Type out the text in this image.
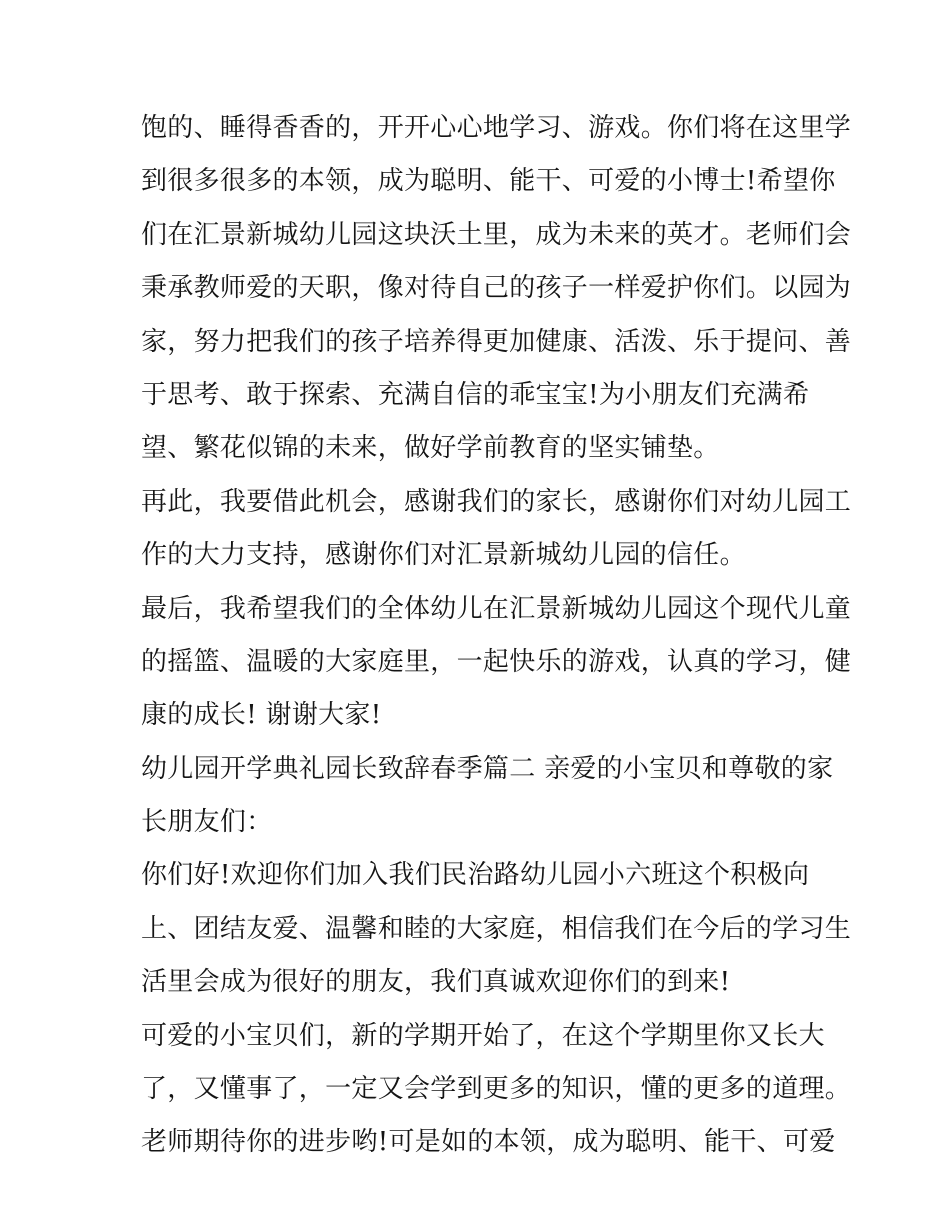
饱的、睡得香香的，开开心心地学习、游戏。你们将在这里学
到很多很多的本领，成为聪明、能干、可爱的小博士!希望你
们在汇景新城幼儿园这块沃土里，成为未来的英才。老师们会
秉承教师爱的天职，像对待自己的孩子一样爱护你们。以园为
家，努力把我们的孩子培养得更加健康、活泼、乐于提问、善
于思考、敢于探索、充满自信的乖宝宝!为小朋友们充满希
望、繁花似锦的未来，做好学前教育的坚实铺垫。
再此，我要借此机会，感谢我们的家长，感谢你们对幼儿园工
作的大力支持，感谢你们对汇景新城幼儿园的信任。
最后，我希望我们的全体幼儿在汇景新城幼儿园这个现代儿童
的摇篮、温暖的大家庭里，一起快乐的游戏，认真的学习，健
康的成长! 谢谢大家!
幼儿园开学典礼园长致辞春季篇二 亲爱的小宝贝和尊敬的家
长朋友们：
你们好!欢迎你们加入我们民治路幼儿园小六班这个积极向
上、团结友爱、温馨和睦的大家庭，相信我们在今后的学习生
活里会成为很好的朋友，我们真诚欢迎你们的到来!
可爱的小宝贝们，新的学期开始了，在这个学期里你又长大
了，又懂事了，一定又会学到更多的知识，懂的更多的道理。
老师期待你的进步哟!可是如的本领，成为聪明、能干、可爱
